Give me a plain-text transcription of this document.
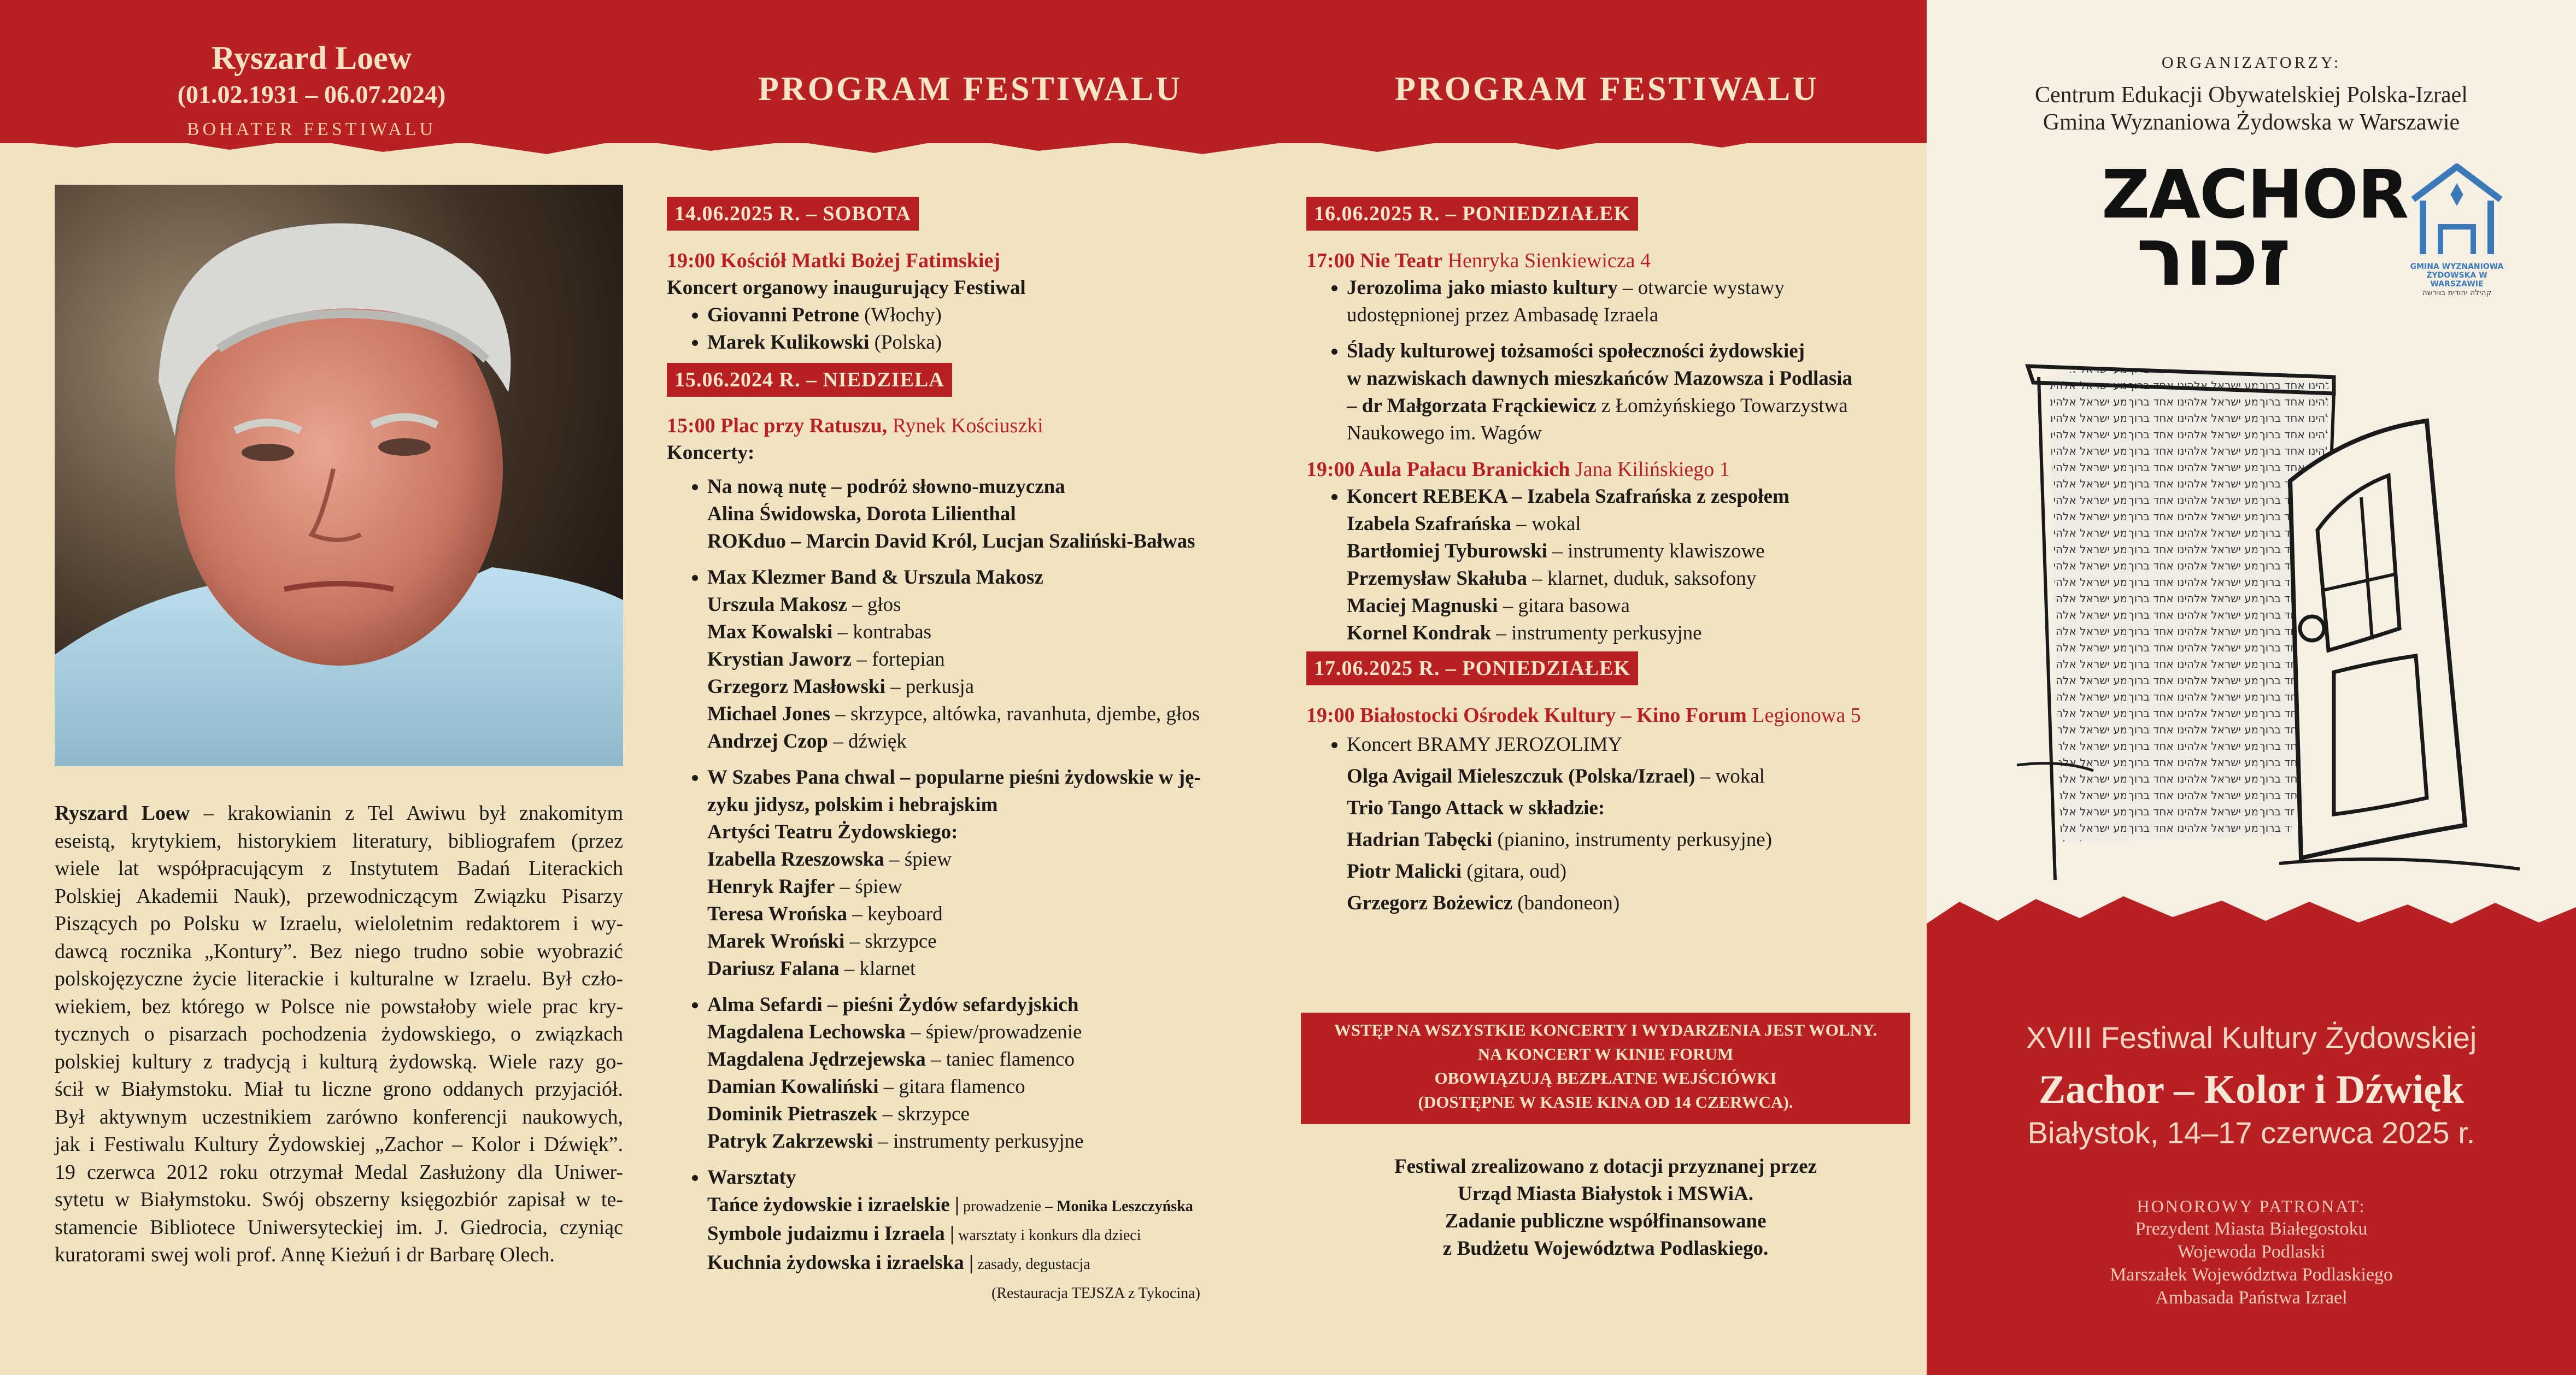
Ryszard Loew
(01.02.1931 – 06.07.2024)
BOHATER FESTIWALU
PROGRAM FESTIWALU	PROGRAM FESTIWALU
Ryszard Loew – krakowianin z Tel Awiwu był znakomitym
eseistą, krytykiem, historykiem literatury, bibliografem (przez
wiele lat współpracującym z Instytutem Badań Literackich
Polskiej Akademii Nauk), przewodniczącym Związku Pisarzy
Piszących po Polsku w Izraelu, wieloletnim redaktorem i wy-
dawcą rocznika „Kontury”. Bez niego trudno sobie wyobrazić
polskojęzyczne życie literackie i kulturalne w Izraelu. Był czło-
wiekiem, bez którego w Polsce nie powstałoby wiele prac kry-
tycznych o pisarzach pochodzenia żydowskiego, o związkach
polskiej kultury z tradycją i kulturą żydowską. Wiele razy go-
ścił w Białymstoku. Miał tu liczne grono oddanych przyjaciół.
Był aktywnym uczestnikiem zarówno konferencji naukowych,
jak i Festiwalu Kultury Żydowskiej „Zachor – Kolor i Dźwięk”.
19 czerwca 2012 roku otrzymał Medal Zasłużony dla Uniwer-
sytetu w Białymstoku. Swój obszerny księgozbiór zapisał w te-
stamencie Bibliotece Uniwersyteckiej im. J. Giedrocia, czyniąc
kuratorami swej woli prof. Annę Kieżuń i dr Barbarę Olech.
14.06.2025 R. – SOBOTA
19:00 Kościół Matki Bożej Fatimskiej
Koncert organowy inaugurujący Festiwal
• Giovanni Petrone (Włochy)
• Marek Kulikowski (Polska)
15.06.2024 R. – NIEDZIELA
15:00 Plac przy Ratuszu, Rynek Kościuszki
Koncerty:
• Na nową nutę – podróż słowno-muzyczna
Alina Świdowska, Dorota Lilienthal
ROKduo – Marcin David Król, Lucjan Szaliński-Bałwas
• Max Klezmer Band & Urszula Makosz
Urszula Makosz – głos
Max Kowalski – kontrabas
Krystian Jaworz – fortepian
Grzegorz Masłowski – perkusja
Michael Jones – skrzypce, altówka, ravanhuta, djembe, głos
Andrzej Czop – dźwięk
• W Szabes Pana chwal – popularne pieśni żydowskie w ję-
zyku jidysz, polskim i hebrajskim
Artyści Teatru Żydowskiego:
Izabella Rzeszowska – śpiew
Henryk Rajfer – śpiew
Teresa Wrońska – keyboard
Marek Wroński – skrzypce
Dariusz Falana – klarnet
• Alma Sefardi – pieśni Żydów sefardyjskich
Magdalena Lechowska – śpiew/prowadzenie
Magdalena Jędrzejewska – taniec flamenco
Damian Kowaliński – gitara flamenco
Dominik Pietraszek – skrzypce
Patryk Zakrzewski – instrumenty perkusyjne
• Warsztaty
Tańce żydowskie i izraelskie | prowadzenie – Monika Leszczyńska
Symbole judaizmu i Izraela | warsztaty i konkurs dla dzieci
Kuchnia żydowska i izraelska | zasady, degustacja
(Restauracja TEJSZA z Tykocina)
16.06.2025 R. – PONIEDZIAŁEK
17:00 Nie Teatr Henryka Sienkiewicza 4
• Jerozolima jako miasto kultury – otwarcie wystawy
udostępnionej przez Ambasadę Izraela
• Ślady kulturowej tożsamości społeczności żydowskiej
w nazwiskach dawnych mieszkańców Mazowsza i Podlasia
– dr Małgorzata Frąckiewicz z Łomżyńskiego Towarzystwa
Naukowego im. Wagów
19:00 Aula Pałacu Branickich Jana Kilińskiego 1
• Koncert REBEKA – Izabela Szafrańska z zespołem
Izabela Szafrańska – wokal
Bartłomiej Tyburowski – instrumenty klawiszowe
Przemysław Skałuba – klarnet, duduk, saksofony
Maciej Magnuski – gitara basowa
Kornel Kondrak – instrumenty perkusyjne
17.06.2025 R. – PONIEDZIAŁEK
19:00 Białostocki Ośrodek Kultury – Kino Forum Legionowa 5
• Koncert BRAMY JEROZOLIMY
Olga Avigail Mieleszczuk (Polska/Izrael) – wokal
Trio Tango Attack w składzie:
Hadrian Tabęcki (pianino, instrumenty perkusyjne)
Piotr Malicki (gitara, oud)
Grzegorz Bożewicz (bandoneon)
WSTĘP NA WSZYSTKIE KONCERTY I WYDARZENIA JEST WOLNY.
NA KONCERT W KINIE FORUM
OBOWIĄZUJĄ BEZPŁATNE WEJŚCIÓWKI
(DOSTĘPNE W KASIE KINA OD 14 CZERWCA).
Festiwal zrealizowano z dotacji przyznanej przez
Urząd Miasta Białystok i MSWiA.
Zadanie publiczne współfinansowane
z Budżetu Województwa Podlaskiego.
ORGANIZATORZY:
Centrum Edukacji Obywatelskiej Polska-Izrael
Gmina Wyznaniowa Żydowska w Warszawie
ZACHOR
זכור	GMINA WYZNANIOWA ŻYDOWSKA W WARSZAWIE
קהילה יהודית בוורשה
XVIII Festiwal Kultury Żydowskiej
Zachor – Kolor i Dźwięk
Białystok, 14–17 czerwca 2025 r.
HONOROWY PATRONAT:
Prezydent Miasta Białegostoku
Wojewoda Podlaski
Marszałek Województwa Podlaskiego
Ambasada Państwa Izrael
